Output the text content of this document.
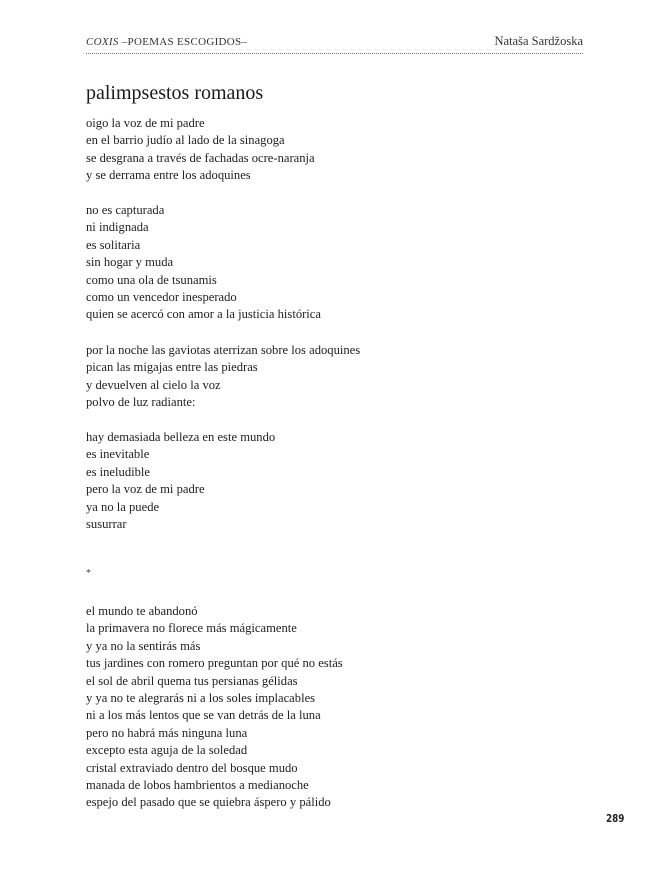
COXIS –POEMAS ESCOGIDOS–	Nataša Sardžoska
palimpsestos romanos
oigo la voz de mi padre
en el barrio judío al lado de la sinagoga
se desgrana a través de fachadas ocre-naranja
y se derrama entre los adoquines
no es capturada
ni indignada
es solitaria
sin hogar y muda
como una ola de tsunamis
como un vencedor inesperado
quien se acercó con amor a la justicia histórica
por la noche las gaviotas aterrizan sobre los adoquines
pican las migajas entre las piedras
y devuelven al cielo la voz
polvo de luz radiante:
hay demasiada belleza en este mundo
es inevitable
es ineludible
pero la voz de mi padre
ya no la puede
susurrar
*
el mundo te abandonó
la primavera no florece más mágicamente
y ya no la sentirás más
tus jardines con romero preguntan por qué no estás
el sol de abril quema tus persianas gélidas
y ya no te alegrarás ni a los soles implacables
ni a los más lentos que se van detrás de la luna
pero no habrá más ninguna luna
excepto esta aguja de la soledad
cristal extraviado dentro del bosque mudo
manada de lobos hambrientos a medianoche
espejo del pasado que se quiebra áspero y pálido
289
